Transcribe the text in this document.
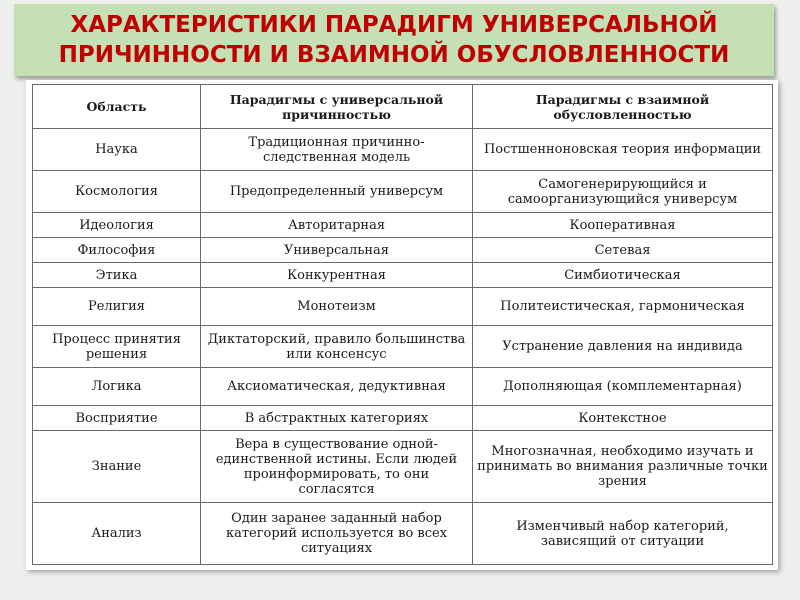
ХАРАКТЕРИСТИКИ ПАРАДИГМ УНИВЕРСАЛЬНОЙ ПРИЧИННОСТИ И ВЗАИМНОЙ ОБУСЛОВЛЕННОСТИ
Область	Парадигмы с универсальной причинностью	Парадигмы с взаимной обусловленностью
Наука	Традиционная причинно-следственная модель	Постшенноновская теория информации
Космология	Предопределенный универсум	Самогенерирующийся и самоорганизующийся универсум
Идеология	Авторитарная	Кооперативная
Философия	Универсальная	Сетевая
Этика	Конкурентная	Симбиотическая
Религия	Монотеизм	Политеистическая, гармоническая
Процесс принятия решения	Диктаторский, правило большинства или консенсус	Устранение давления на индивида
Логика	Аксиоматическая, дедуктивная	Дополняющая (комплементарная)
Восприятие	В абстрактных категориях	Контекстное
Знание	Вера в существование одной-единственной истины. Если людей проинформировать, то они согласятся	Многозначная, необходимо изучать и принимать во внимания различные точки зрения
Анализ	Один заранее заданный набор категорий используется во всех ситуациях	Изменчивый набор категорий, зависящий от ситуации
